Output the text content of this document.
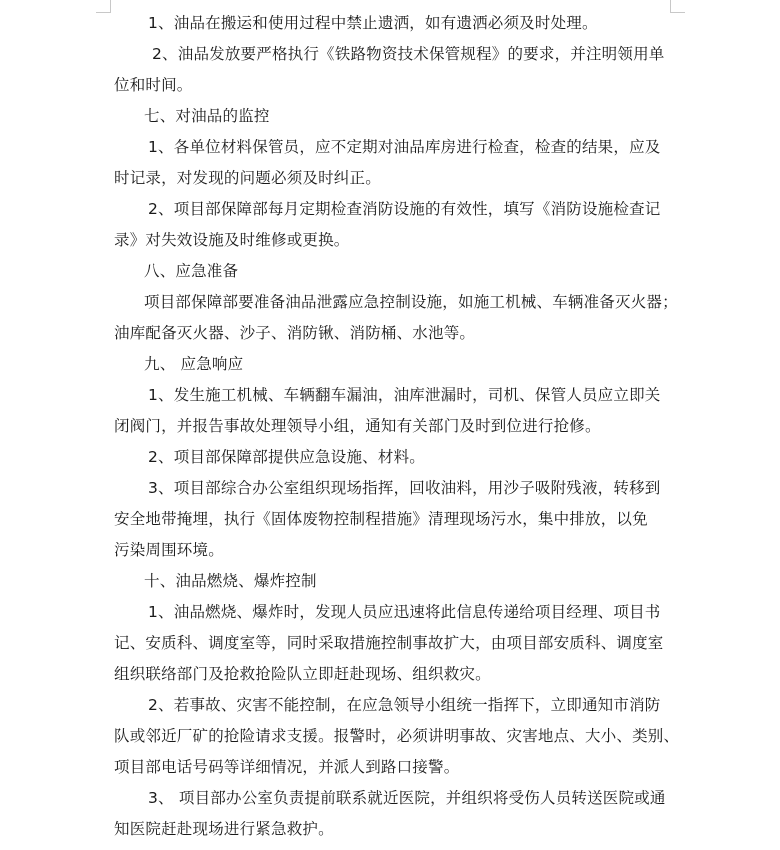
1、油品在搬运和使用过程中禁止遗洒，如有遗洒必须及时处理。
2、油品发放要严格执行《铁路物资技术保管规程》的要求，并注明领用单
位和时间。
七、对油品的监控
1、各单位材料保管员，应不定期对油品库房进行检查，检查的结果，应及
时记录，对发现的问题必须及时纠正。
2、项目部保障部每月定期检查消防设施的有效性，填写《消防设施检查记
录》对失效设施及时维修或更换。
八、应急准备
项目部保障部要准备油品泄露应急控制设施，如施工机械、车辆准备灭火器；
油库配备灭火器、沙子、消防锹、消防桶、水池等。
九、 应急响应
1、发生施工机械、车辆翻车漏油，油库泄漏时，司机、保管人员应立即关
闭阀门，并报告事故处理领导小组，通知有关部门及时到位进行抢修。
2、项目部保障部提供应急设施、材料。
3、项目部综合办公室组织现场指挥，回收油料，用沙子吸附残液，转移到
安全地带掩埋，执行《固体废物控制程措施》清理现场污水，集中排放，以免
污染周围环境。
十、油品燃烧、爆炸控制
1、油品燃烧、爆炸时，发现人员应迅速将此信息传递给项目经理、项目书
记、安质科、调度室等，同时采取措施控制事故扩大，由项目部安质科、调度室
组织联络部门及抢救抢险队立即赶赴现场、组织救灾。
2、若事故、灾害不能控制，在应急领导小组统一指挥下，立即通知市消防
队或邻近厂矿的抢险请求支援。报警时，必须讲明事故、灾害地点、大小、类别、
项目部电话号码等详细情况，并派人到路口接警。
3、 项目部办公室负责提前联系就近医院，并组织将受伤人员转送医院或通
知医院赶赴现场进行紧急救护。
